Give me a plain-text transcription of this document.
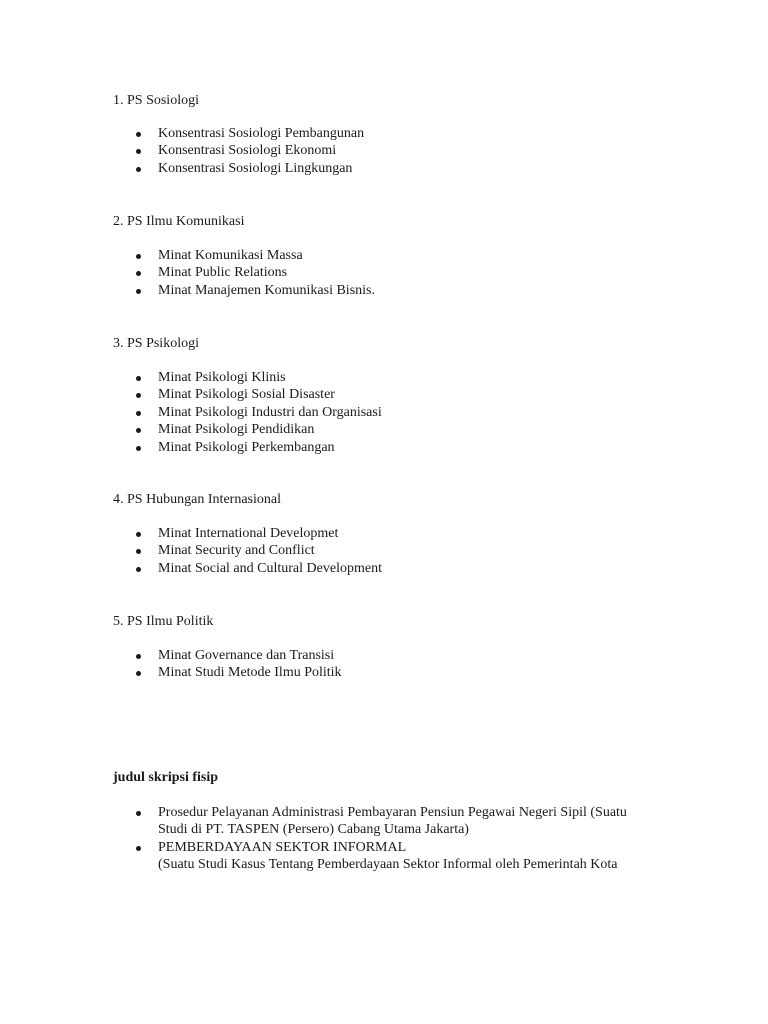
1. PS Sosiologi
Konsentrasi Sosiologi Pembangunan
Konsentrasi Sosiologi Ekonomi
Konsentrasi Sosiologi Lingkungan
2. PS Ilmu Komunikasi
Minat Komunikasi Massa
Minat Public Relations
Minat Manajemen Komunikasi Bisnis.
3. PS Psikologi
Minat Psikologi Klinis
Minat Psikologi Sosial Disaster
Minat Psikologi Industri dan Organisasi
Minat Psikologi Pendidikan
Minat Psikologi Perkembangan
4. PS Hubungan Internasional
Minat International Developmet
Minat Security and Conflict
Minat Social and Cultural Development
5. PS Ilmu Politik
Minat Governance dan Transisi
Minat Studi Metode Ilmu Politik
judul skripsi fisip
Prosedur Pelayanan Administrasi Pembayaran Pensiun Pegawai Negeri Sipil (Suatu
Studi di PT. TASPEN (Persero) Cabang Utama Jakarta)
PEMBERDAYAAN SEKTOR INFORMAL
(Suatu Studi Kasus Tentang Pemberdayaan Sektor Informal oleh Pemerintah Kota
